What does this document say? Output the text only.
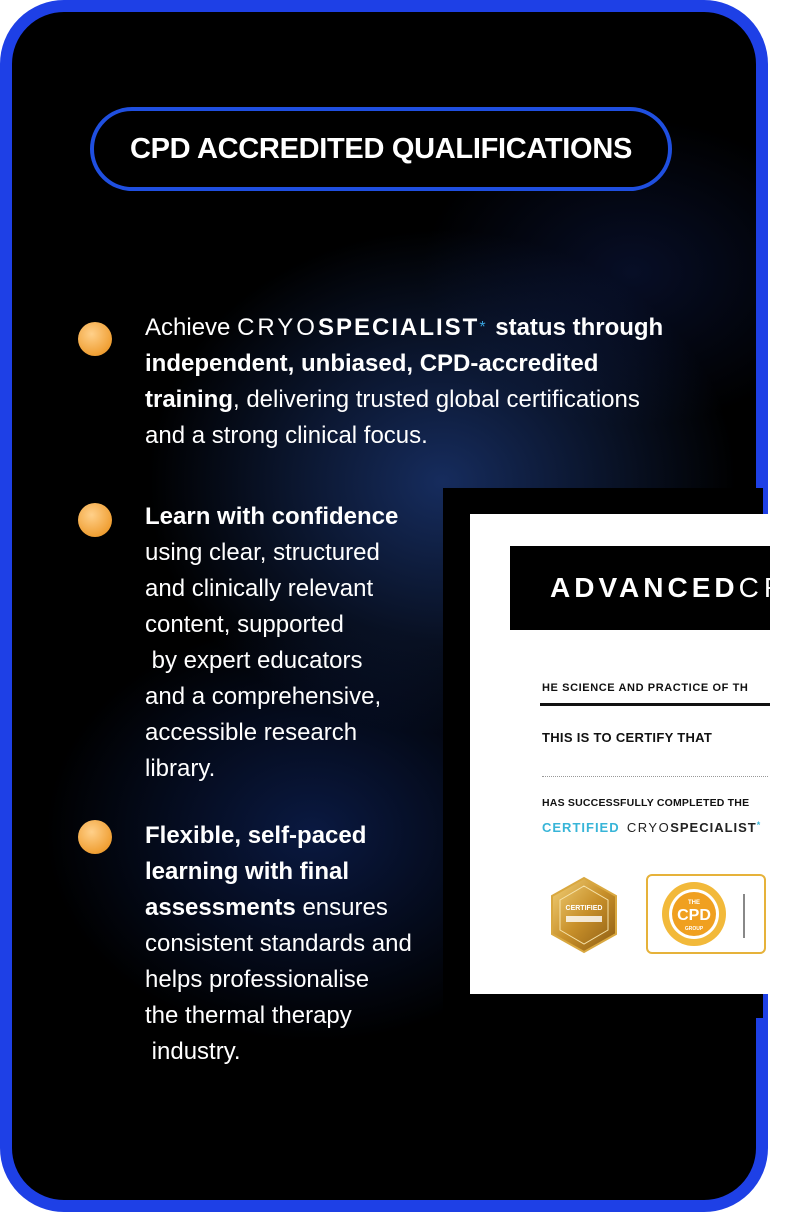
CPD ACCREDITED QUALIFICATIONS
Achieve CRYOSPECIALIST* status through
independent, unbiased, CPD-accredited
training, delivering trusted global certifications
and a strong clinical focus.
Learn with confidence
using clear, structured
and clinically relevant
content, supported
by expert educators
and a comprehensive,
accessible research
library.
Flexible, self-paced
learning with final
assessments ensures
consistent standards and
helps professionalise
the thermal therapy
industry.
ADVANCED CRY
HE SCIENCE AND PRACTICE OF TH
THIS IS TO CERTIFY THAT
HAS SUCCESSFULLY COMPLETED THE
CERTIFIED CRYOSPECIALIST*
CERTIFIED
THE
CPD
GROUP
